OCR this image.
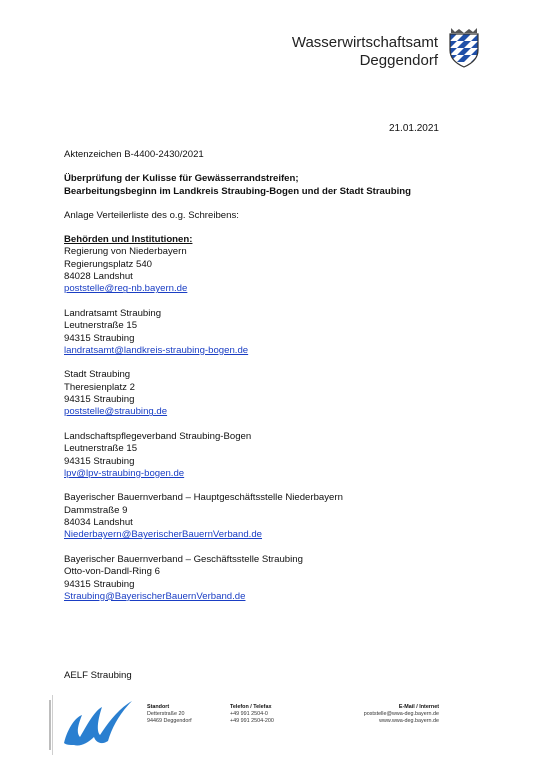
Wasserwirtschaftsamt
Deggendorf
21.01.2021
Aktenzeichen B-4400-2430/2021
Überprüfung der Kulisse für Gewässerrandstreifen;
Bearbeitungsbeginn im Landkreis Straubing-Bogen und der Stadt Straubing
Anlage Verteilerliste des o.g. Schreibens:
Behörden und Institutionen:
Regierung von Niederbayern
Regierungsplatz 540
84028 Landshut
poststelle@reg-nb.bayern.de
Landratsamt Straubing
Leutnerstraße 15
94315 Straubing
landratsamt@landkreis-straubing-bogen.de
Stadt Straubing
Theresienplatz 2
94315 Straubing
poststelle@straubing.de
Landschaftspflegeverband Straubing-Bogen
Leutnerstraße 15
94315 Straubing
lpv@lpv-straubing-bogen.de
Bayerischer Bauernverband – Hauptgeschäftsstelle Niederbayern
Dammstraße 9
84034 Landshut
Niederbayern@BayerischerBauernVerband.de
Bayerischer Bauernverband – Geschäftsstelle Straubing
Otto-von-Dandl-Ring 6
94315 Straubing
Straubing@BayerischerBauernVerband.de
AELF Straubing
Standort
Detterstraße 20
94469 Deggendorf
Telefon / Telefax
+49 991 2504-0
+49 991 2504-200
E-Mail / Internet
poststelle@wwa-deg.bayern.de
www.wwa-deg.bayern.de
